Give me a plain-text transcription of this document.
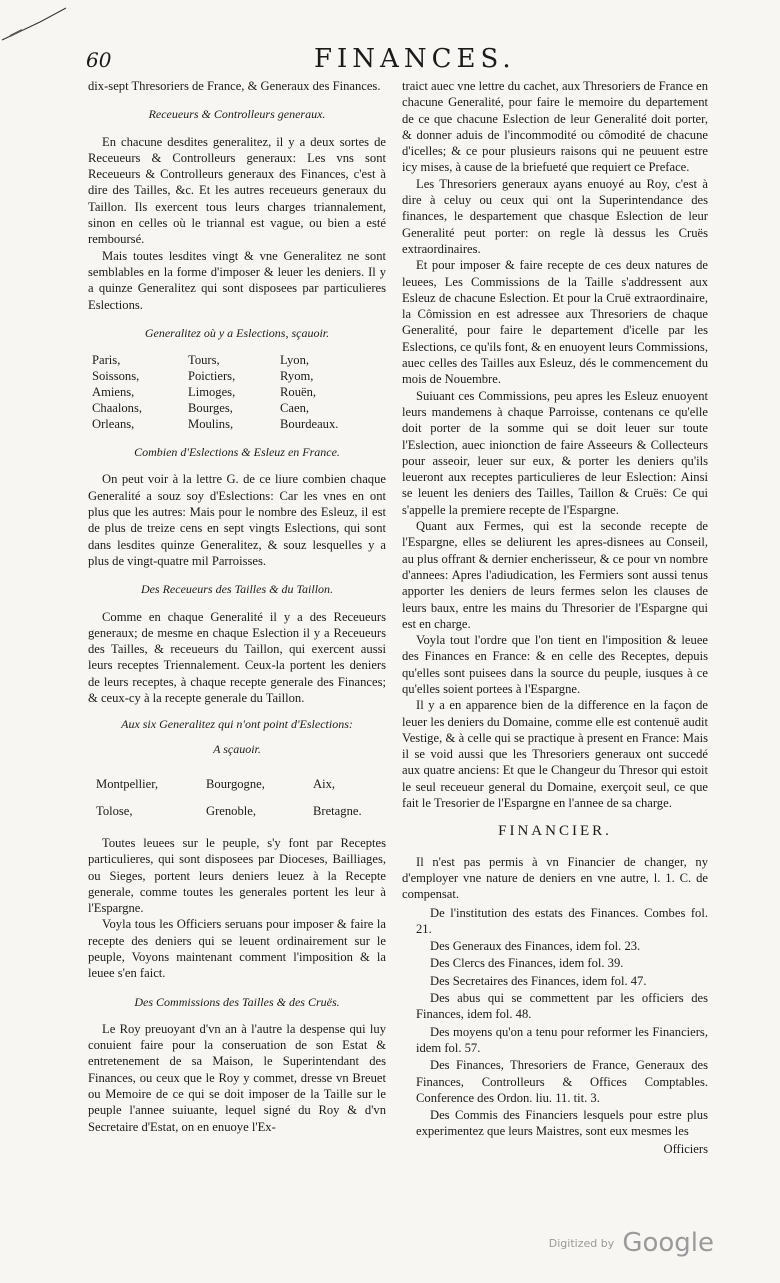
60	FINANCES.

dix-sept Thresoriers de France, & Generaux des Finances.

Receueurs & Controlleurs generaux.

En chacune desdites generalitez, il y a deux sortes de Receueurs & Controlleurs generaux: Les vns sont Receueurs & Controlleurs generaux des Finances, c'est à dire des Tailles, &c. Et les autres receueurs generaux du Taillon. Ils exercent tous leurs charges triannalement, sinon en celles où le triannal est vague, ou bien a esté remboursé.

Mais toutes lesdites vingt & vne Generalitez ne sont semblables en la forme d'imposer & leuer les deniers. Il y a quinze Generalitez qui sont disposees par particulieres Eslections.

Generalitez où y a Eslections, sçauoir.
Paris,	Tours,	Lyon,
Soissons,	Poictiers,	Ryom,
Amiens,	Limoges,	Rouën,
Chaalons,	Bourges,	Caen,
Orleans,	Moulins,	Bourdeaux.
Combien d'Eslections & Esleuz en France.

On peut voir à la lettre G. de ce liure combien chaque Generalité a souz soy d'Eslections: Car les vnes en ont plus que les autres: Mais pour le nombre des Esleuz, il est de plus de treize cens en sept vingts Eslections, qui sont dans lesdites quinze Generalitez, & souz lesquelles y a plus de vingt-quatre mil Parroisses.

Des Receueurs des Tailles & du Taillon.

Comme en chaque Generalité il y a des Receueurs generaux; de mesme en chaque Eslection il y a Receueurs des Tailles, & receueurs du Taillon, qui exercent aussi leurs receptes Triennalement. Ceux-la portent les deniers de leurs receptes, à chaque recepte generale des Finances; & ceux-cy à la recepte generale du Taillon.

Aux six Generalitez qui n'ont point d'Eslections:
A sçauoir.
Montpellier,	Bourgogne,	Aix,
Tolose,	Grenoble,	Bretagne.

Toutes leuees sur le peuple, s'y font par Receptes particulieres, qui sont disposees par Dioceses, Bailliages, ou Sieges, portent leurs deniers leuez à la Recepte generale, comme toutes les generales portent les leur à l'Espargne.

Voyla tous les Officiers seruans pour imposer & faire la recepte des deniers qui se leuent ordinairement sur le peuple, Voyons maintenant comment l'imposition & la leuee s'en faict.

Des Commissions des Tailles & des Cruës.

Le Roy preuoyant d'vn an à l'autre la despense qui luy conuient faire pour la conseruation de son Estat & entretenement de sa Maison, le Superintendant des Finances, ou ceux que le Roy y commet, dresse vn Breuet ou Memoire de ce qui se doit imposer de la Taille sur le peuple l'annee suiuante, lequel signé du Roy & d'vn Secretaire d'Estat, on en enuoye l'Ex-

traict auec vne lettre du cachet, aux Thresoriers de France en chacune Generalité, pour faire le memoire du departement de ce que chacune Eslection de leur Generalité doit porter, & donner aduis de l'incommodité ou cômodité de chacune d'icelles; & ce pour plusieurs raisons qui ne peuuent estre icy mises, à cause de la briefueté que requiert ce Preface.

Les Thresoriers generaux ayans enuoyé au Roy, c'est à dire à celuy ou ceux qui ont la Superintendance des finances, le despartement que chasque Eslection de leur Generalité peut porter: on regle là dessus les Cruës extraordinaires.

Et pour imposer & faire recepte de ces deux natures de leuees, Les Commissions de la Taille s'addressent aux Esleuz de chacune Eslection. Et pour la Cruë extraordinaire, la Cômission en est adressee aux Thresoriers de chaque Generalité, pour faire le departement d'icelle par les Eslections, ce qu'ils font, & en enuoyent leurs Commissions, auec celles des Tailles aux Esleuz, dés le commencement du mois de Nouembre.

Suiuant ces Commissions, peu apres les Esleuz enuoyent leurs mandemens à chaque Parroisse, contenans ce qu'elle doit porter de la somme qui se doit leuer sur toute l'Eslection, auec inionction de faire Asseeurs & Collecteurs pour asseoir, leuer sur eux, & porter les deniers qu'ils leueront aux receptes particulieres de leur Eslection: Ainsi se leuent les deniers des Tailles, Taillon & Cruës: Ce qui s'appelle la premiere recepte de l'Espargne.

Quant aux Fermes, qui est la seconde recepte de l'Espargne, elles se deliurent les apres-disnees au Conseil, au plus offrant & dernier encherisseur, & ce pour vn nombre d'annees: Apres l'adiudication, les Fermiers sont aussi tenus apporter les deniers de leurs fermes selon les clauses de leurs baux, entre les mains du Thresorier de l'Espargne qui est en charge.

Voyla tout l'ordre que l'on tient en l'imposition & leuee des Finances en France: & en celle des Receptes, depuis qu'elles sont puisees dans la source du peuple, iusques à ce qu'elles soient portees à l'Espargne.

Il y a en apparence bien de la difference en la façon de leuer les deniers du Domaine, comme elle est contenuë audit Vestige, & à celle qui se practique à present en France: Mais il se void aussi que les Thresoriers generaux ont succedé aux quatre anciens: Et que le Changeur du Thresor qui estoit le seul receueur general du Domaine, exerçoit seul, ce que fait le Tresorier de l'Espargne en l'annee de sa charge.

FINANCIER.

Il n'est pas permis à vn Financier de changer, ny d'employer vne nature de deniers en vne autre, l. 1. C. de compensat.

De l'institution des estats des Finances. Combes fol. 21.

Des Generaux des Finances, idem fol. 23.

Des Clercs des Finances, idem fol. 39.

Des Secretaires des Finances, idem fol. 47.

Des abus qui se commettent par les officiers des Finances, idem fol. 48.

Des moyens qu'on a tenu pour reformer les Financiers, idem fol. 57.

Des Finances, Thresoriers de France, Generaux des Finances, Controlleurs & Offices Comptables. Conference des Ordon. liu. 11. tit. 3.

Des Commis des Financiers lesquels pour estre plus experimentez que leurs Maistres, sont eux mesmes les

Officiers
$^{Digitized by}$ Google
